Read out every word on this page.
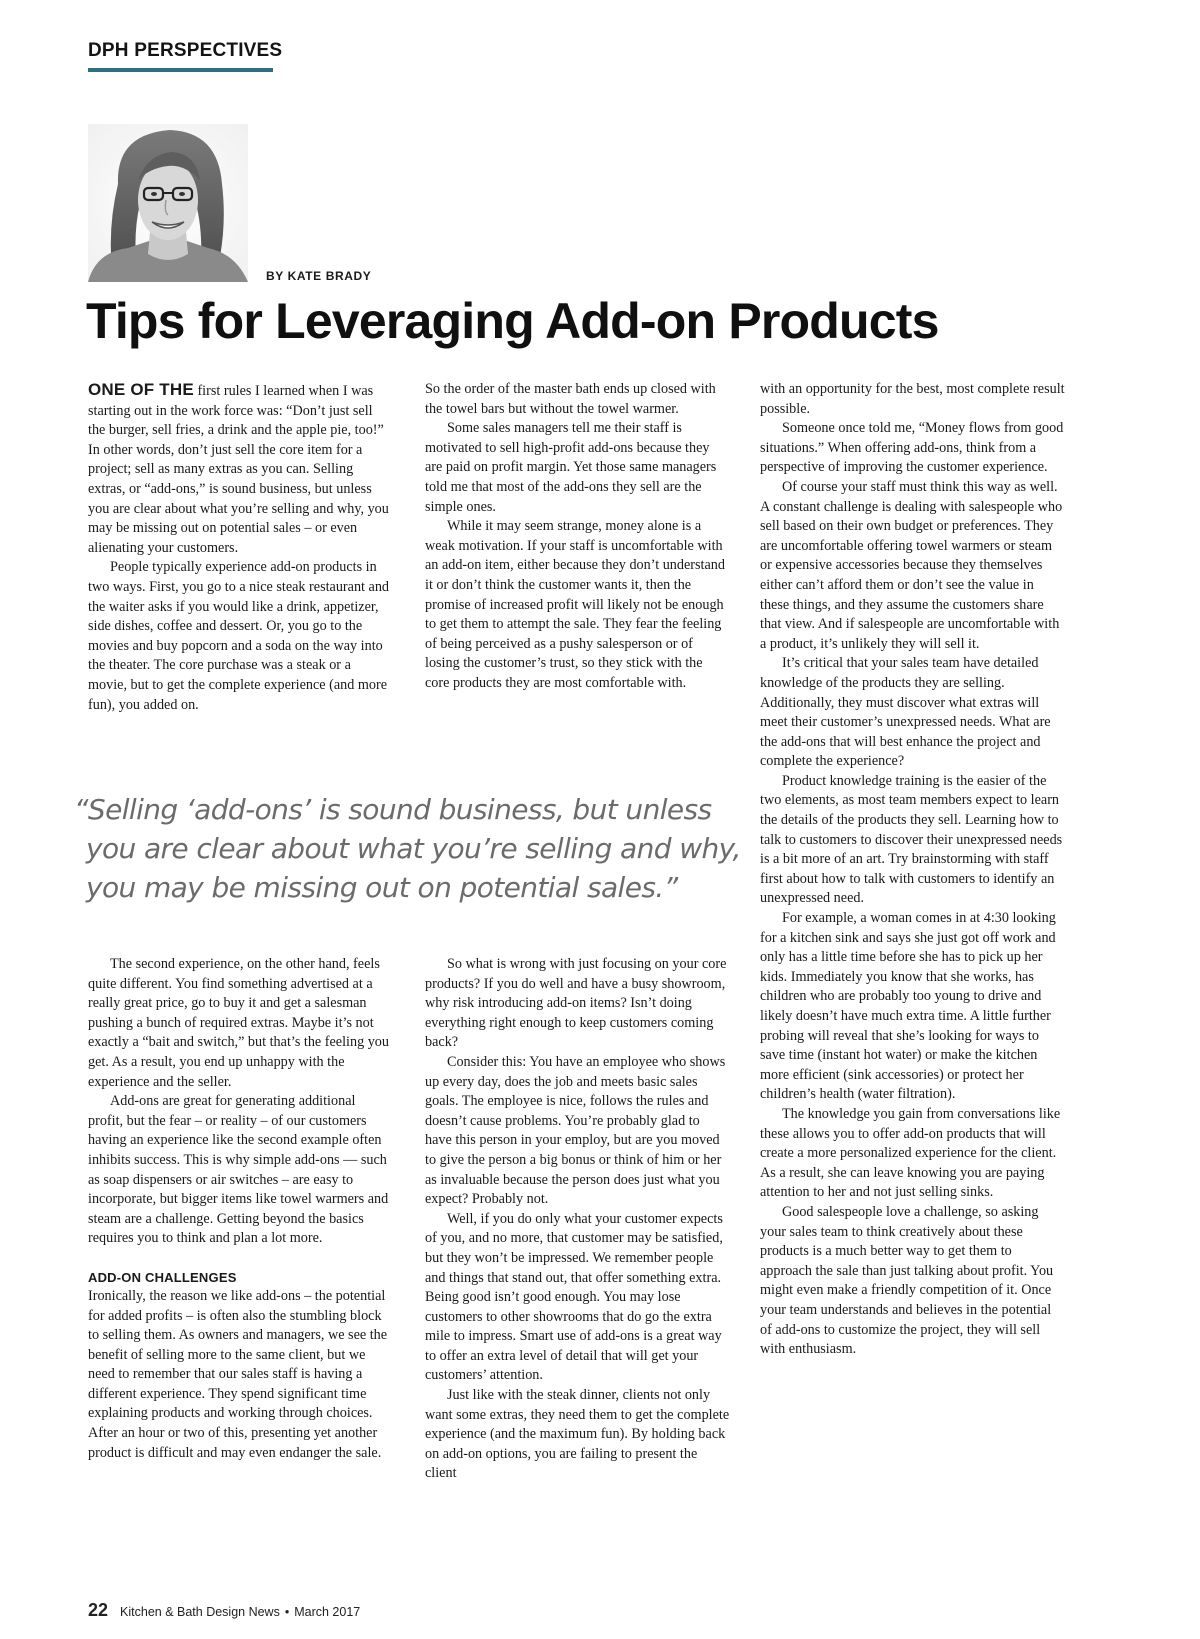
DPH PERSPECTIVES
BY KATE BRADY
Tips for Leveraging Add-on Products

ONE OF THE first rules I learned when I was starting out in the work force was: “Don’t just sell the burger, sell fries, a drink and the apple pie, too!” In other words, don’t just sell the core item for a project; sell as many extras as you can. Selling extras, or “add-ons,” is sound business, but unless you are clear about what you’re selling and why, you may be missing out on potential sales – or even alienating your customers.

People typically experience add-on products in two ways. First, you go to a nice steak restaurant and the waiter asks if you would like a drink, appetizer, side dishes, coffee and dessert. Or, you go to the movies and buy popcorn and a soda on the way into the theater. The core purchase was a steak or a movie, but to get the complete experience (and more fun), you added on.

So the order of the master bath ends up closed with the towel bars but without the towel warmer.

Some sales managers tell me their staff is motivated to sell high-profit add-ons because they are paid on profit margin. Yet those same managers told me that most of the add-ons they sell are the simple ones.

While it may seem strange, money alone is a weak motivation. If your staff is uncomfortable with an add-on item, either because they don’t understand it or don’t think the customer wants it, then the promise of increased profit will likely not be enough to get them to attempt the sale. They fear the feeling of being perceived as a pushy salesperson or of losing the customer’s trust, so they stick with the core products they are most comfortable with.

with an opportunity for the best, most complete result possible.

Someone once told me, “Money flows from good situations.” When offering add-ons, think from a perspective of improving the customer experience.

Of course your staff must think this way as well. A constant challenge is dealing with salespeople who sell based on their own budget or preferences. They are uncomfortable offering towel warmers or steam or expensive accessories because they themselves either can’t afford them or don’t see the value in these things, and they assume the customers share that view. And if salespeople are uncomfortable with a product, it’s unlikely they will sell it.

It’s critical that your sales team have detailed knowledge of the products they are selling. Additionally, they must discover what extras will meet their customer’s unexpressed needs. What are the add-ons that will best enhance the project and complete the experience?

Product knowledge training is the easier of the two elements, as most team members expect to learn the details of the products they sell. Learning how to talk to customers to discover their unexpressed needs is a bit more of an art. Try brainstorming with staff first about how to talk with customers to identify an unexpressed need.

For example, a woman comes in at 4:30 looking for a kitchen sink and says she just got off work and only has a little time before she has to pick up her kids. Immediately you know that she works, has children who are probably too young to drive and likely doesn’t have much extra time. A little further probing will reveal that she’s looking for ways to save time (instant hot water) or make the kitchen more efficient (sink accessories) or protect her children’s health (water filtration).

The knowledge you gain from conversations like these allows you to offer add-on products that will create a more personalized experience for the client. As a result, she can leave knowing you are paying attention to her and not just selling sinks.

Good salespeople love a challenge, so asking your sales team to think creatively about these products is a much better way to get them to approach the sale than just talking about profit. You might even make a friendly competition of it. Once your team understands and believes in the potential of add-ons to customize the project, they will sell with enthusiasm.

“Selling ‘add-ons’ is sound business, but unless you are clear about what you’re selling and why, you may be missing out on potential sales.”

The second experience, on the other hand, feels quite different. You find something advertised at a really great price, go to buy it and get a salesman pushing a bunch of required extras. Maybe it’s not exactly a “bait and switch,” but that’s the feeling you get. As a result, you end up unhappy with the experience and the seller.

Add-ons are great for generating additional profit, but the fear – or reality – of our customers having an experience like the second example often inhibits success. This is why simple add-ons — such as soap dispensers or air switches – are easy to incorporate, but bigger items like towel warmers and steam are a challenge. Getting beyond the basics requires you to think and plan a lot more.

ADD-ON CHALLENGES

Ironically, the reason we like add-ons – the potential for added profits – is often also the stumbling block to selling them. As owners and managers, we see the benefit of selling more to the same client, but we need to remember that our sales staff is having a different experience. They spend significant time explaining products and working through choices. After an hour or two of this, presenting yet another product is difficult and may even endanger the sale.

So what is wrong with just focusing on your core products? If you do well and have a busy showroom, why risk introducing add-on items? Isn’t doing everything right enough to keep customers coming back?

Consider this: You have an employee who shows up every day, does the job and meets basic sales goals. The employee is nice, follows the rules and doesn’t cause problems. You’re probably glad to have this person in your employ, but are you moved to give the person a big bonus or think of him or her as invaluable because the person does just what you expect? Probably not.

Well, if you do only what your customer expects of you, and no more, that customer may be satisfied, but they won’t be impressed. We remember people and things that stand out, that offer something extra. Being good isn’t good enough. You may lose customers to other showrooms that do go the extra mile to impress. Smart use of add-ons is a great way to offer an extra level of detail that will get your customers’ attention.

Just like with the steak dinner, clients not only want some extras, they need them to get the complete experience (and the maximum fun). By holding back on add-on options, you are failing to present the client

22 Kitchen & Bath Design News • March 2017
